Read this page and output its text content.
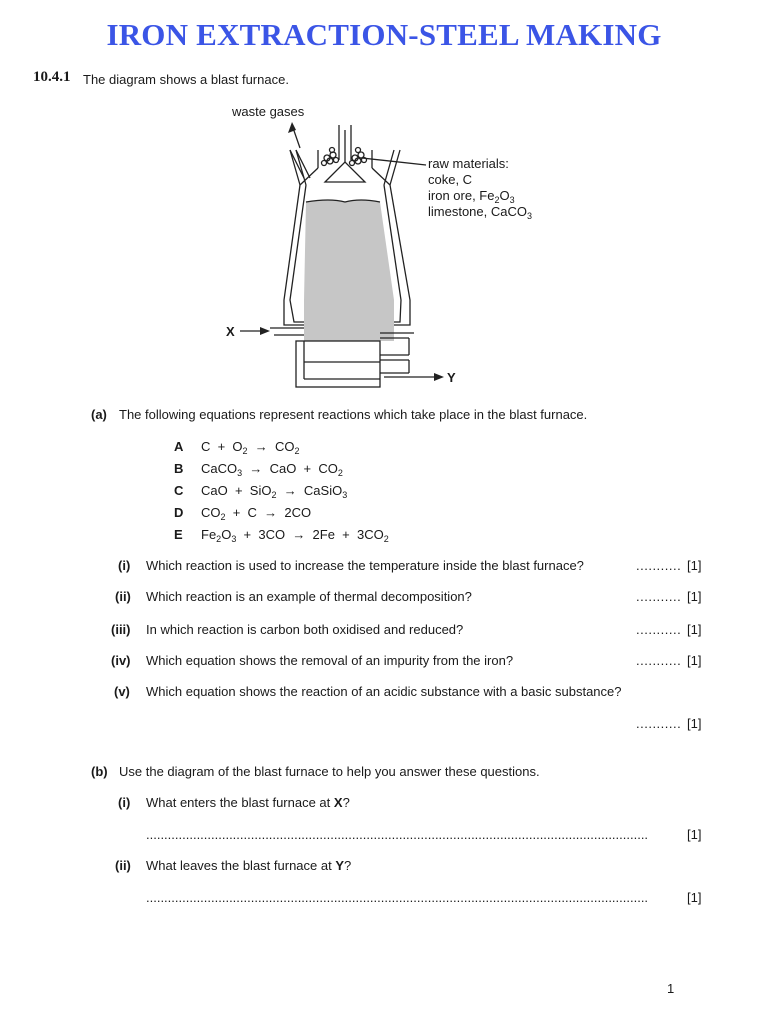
IRON EXTRACTION-STEEL MAKING
10.4.1 The diagram shows a blast furnace.
waste gases
raw materials:
coke, C
iron ore, $Fe_2O_3$
limestone, CaCO$_3$
X
Y
(a) The following equations represent reactions which take place in the blast furnace.
A $C + O_2 \to CO_2$
B CaCO$_3$  →  CaO  +  $CO_2$
C CaO  +  SiO$_2$  →  CaSiO$_3$
D $CO_2 + C \to 2CO$
E $Fe_2O_3 + 3CO \to 2Fe + 3CO_2$
(i) Which reaction is used to increase the temperature inside the blast furnace?	........... [1]
(ii) Which reaction is an example of thermal decomposition?	........... [1]
(iii) In which reaction is carbon both oxidised and reduced?	........... [1]
(iv) Which equation shows the removal of an impurity from the iron?	........... [1]
(v) Which equation shows the reaction of an acidic substance with a basic substance?
........... [1]
(b) Use the diagram of the blast furnace to help you answer these questions.
(i) What enters the blast furnace at X?
...........................................................................................................................................	[1]
(ii) What leaves the blast furnace at Y?
...........................................................................................................................................	[1]
1
